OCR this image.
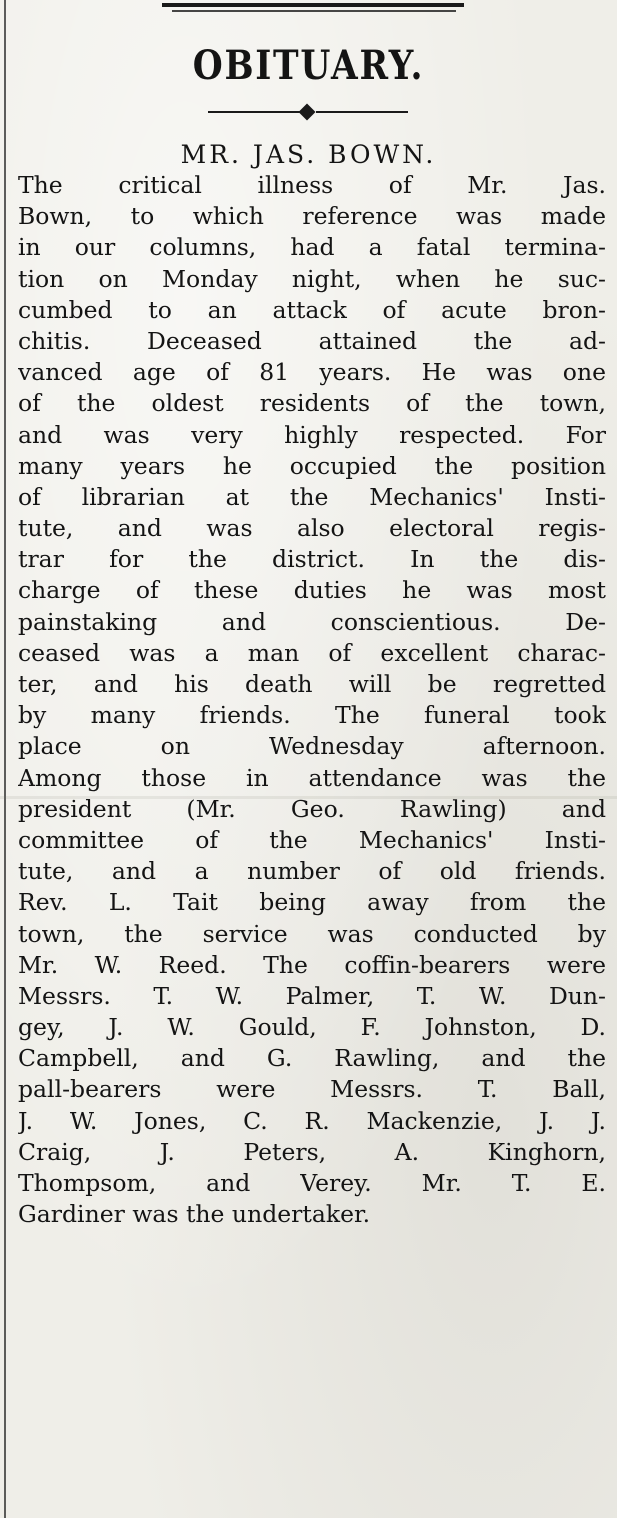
OBITUARY.
MR. JAS. BOWN.
The critical illness of Mr. Jas.
Bown, to which reference was made
in our columns, had a fatal termina-
tion on Monday night, when he suc-
cumbed to an attack of acute bron-
chitis. Deceased attained the ad-
vanced age of 81 years. He was one
of the oldest residents of the town,
and was very highly respected. For
many years he occupied the position
of librarian at the Mechanics' Insti-
tute, and was also electoral regis-
trar for the district. In the dis-
charge of these duties he was most
painstaking and conscientious. De-
ceased was a man of excellent charac-
ter, and his death will be regretted
by many friends. The funeral took
place on Wednesday afternoon.
Among those in attendance was the
president (Mr. Geo. Rawling) and
committee of the Mechanics' Insti-
tute, and a number of old friends.
Rev. L. Tait being away from the
town, the service was conducted by
Mr. W. Reed. The coffin-bearers were
Messrs. T. W. Palmer, T. W. Dun-
gey, J. W. Gould, F. Johnston, D.
Campbell, and G. Rawling, and the
pall-bearers were Messrs. T. Ball,
J. W. Jones, C. R. Mackenzie, J. J.
Craig, J. Peters, A. Kinghorn,
Thompsom, and Verey. Mr. T. E.
Gardiner was the undertaker.
